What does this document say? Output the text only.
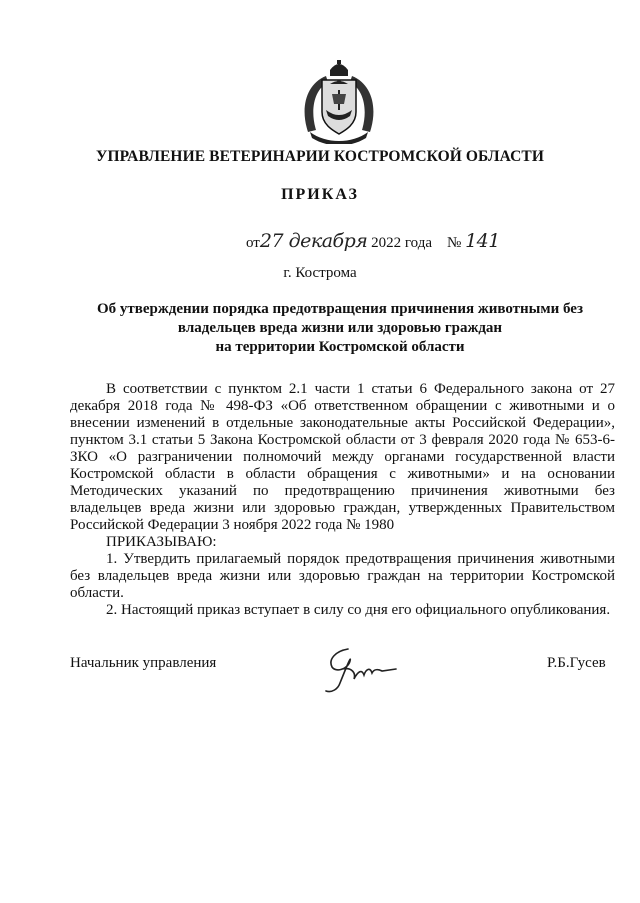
УПРАВЛЕНИЕ ВЕТЕРИНАРИИ КОСТРОМСКОЙ ОБЛАСТИ
ПРИКАЗ
от27 декабря 2022 года № 141
г. Кострома
Об утверждении порядка предотвращения причинения животными без
владельцев вреда жизни или здоровью граждан
на территории Костромской области

В соответствии с пунктом 2.1 части 1 статьи 6 Федерального закона от 27 декабря 2018 года № 498-ФЗ «Об ответственном обращении с животными и о внесении изменений в отдельные законодательные акты Российской Федерации», пунктом 3.1 статьи 5 Закона Костромской области от 3 февраля 2020 года № 653-6-ЗКО «О разграничении полномочий между органами государственной власти Костромской области в области обращения с животными» и на основании Методических указаний по предотвращению причинения животными без владельцев вреда жизни или здоровью граждан, утвержденных Правительством Российской Федерации 3 ноября 2022 года № 1980

ПРИКАЗЫВАЮ:

1. Утвердить прилагаемый порядок предотвращения причинения животными без владельцев вреда жизни или здоровью граждан на территории Костромской области.

2. Настоящий приказ вступает в силу со дня его официального опубликования.

Начальник управления	Р.Б.Гусев
